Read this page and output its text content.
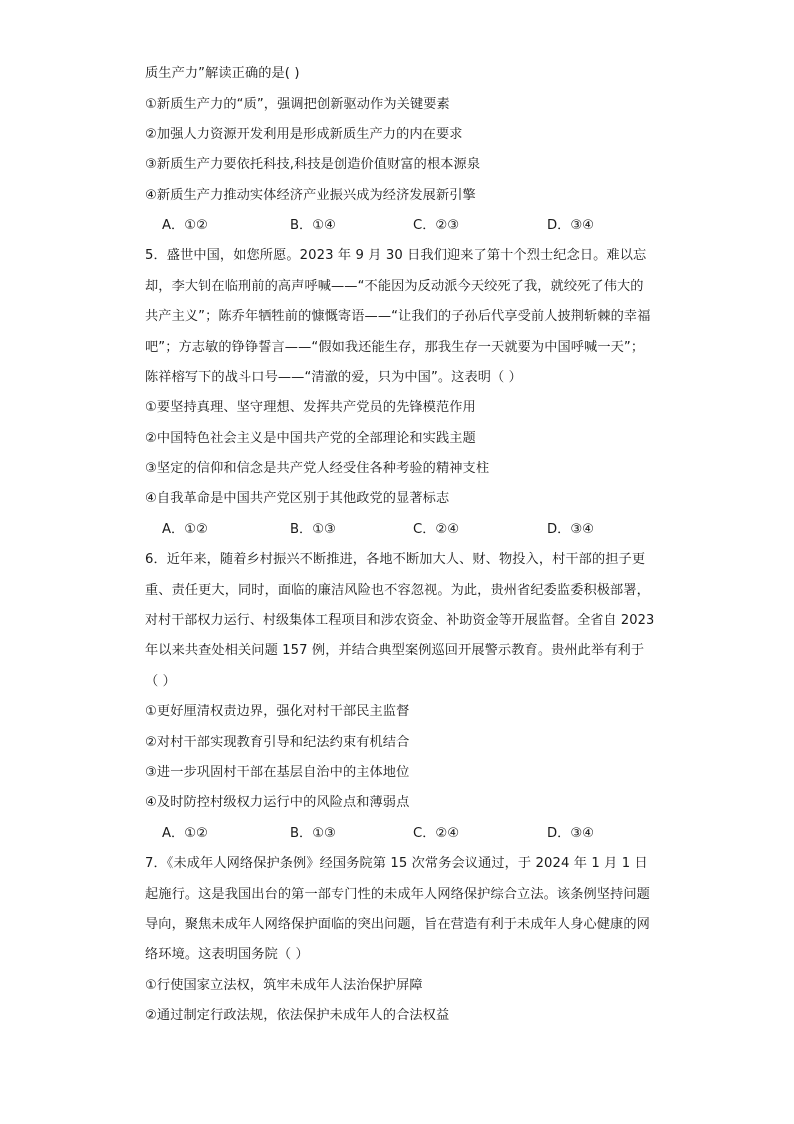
质生产力”解读正确的是( )
①新质生产力的“质”，强调把创新驱动作为关键要素
②加强人力资源开发利用是形成新质生产力的内在要求
③新质生产力要依托科技,科技是创造价值财富的根本源泉
④新质生产力推动实体经济产业振兴成为经济发展新引擎
A．①②	B．①④	C．②③	D．③④
5．盛世中国，如您所愿。2023 年 9 月 30 日我们迎来了第十个烈士纪念日。难以忘
却，李大钊在临刑前的高声呼喊——“不能因为反动派今天绞死了我，就绞死了伟大的
共产主义”；陈乔年牺牲前的慷慨寄语——“让我们的子孙后代享受前人披荆斩棘的幸福
吧”；方志敏的铮铮誓言——“假如我还能生存，那我生存一天就要为中国呼喊一天”；
陈祥榕写下的战斗口号——“清澈的爱，只为中国”。这表明（ ）
①要坚持真理、坚守理想、发挥共产党员的先锋模范作用
②中国特色社会主义是中国共产党的全部理论和实践主题
③坚定的信仰和信念是共产党人经受住各种考验的精神支柱
④自我革命是中国共产党区别于其他政党的显著标志
A．①②	B．①③	C．②④	D．③④
6．近年来，随着乡村振兴不断推进，各地不断加大人、财、物投入，村干部的担子更
重、责任更大，同时，面临的廉洁风险也不容忽视。为此，贵州省纪委监委积极部署，
对村干部权力运行、村级集体工程项目和涉农资金、补助资金等开展监督。全省自 2023
年以来共查处相关问题 157 例，并结合典型案例巡回开展警示教育。贵州此举有利于
（ ）
①更好厘清权责边界，强化对村干部民主监督
②对村干部实现教育引导和纪法约束有机结合
③进一步巩固村干部在基层自治中的主体地位
④及时防控村级权力运行中的风险点和薄弱点
A．①②	B．①③	C．②④	D．③④
7．《未成年人网络保护条例》经国务院第 15 次常务会议通过，于 2024 年 1 月 1 日
起施行。这是我国出台的第一部专门性的未成年人网络保护综合立法。该条例坚持问题
导向，聚焦未成年人网络保护面临的突出问题，旨在营造有利于未成年人身心健康的网
络环境。这表明国务院（ ）
①行使国家立法权，筑牢未成年人法治保护屏障
②通过制定行政法规，依法保护未成年人的合法权益
